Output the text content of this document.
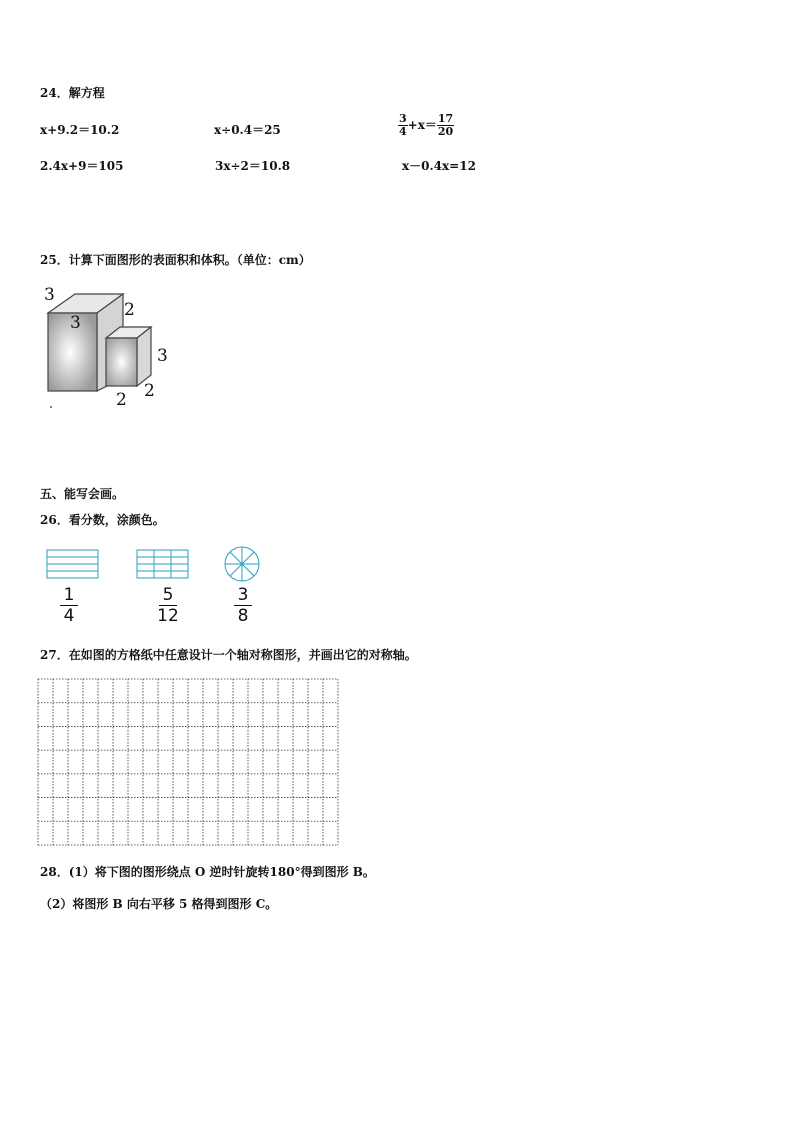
24．解方程
x+9.2＝10.2	x÷0.4＝25	$\frac{3}{4} +x= \frac{17}{20}$
2.4x+9＝105	3x÷2＝10.8	x－0.4x=12
25．计算下面图形的表面积和体积。（单位：cm）
3
3
2
3
2
2
五、能写会画。
26．看分数，涂颜色。
$\frac{1}{4}$	$\frac{5}{12}$	$\frac{3}{8}$
27．在如图的方格纸中任意设计一个轴对称图形，并画出它的对称轴。
28．(1）将下图的图形绕点 O 逆时针旋转180°得到图形 B。
（2）将图形 B 向右平移 5 格得到图形 C。
